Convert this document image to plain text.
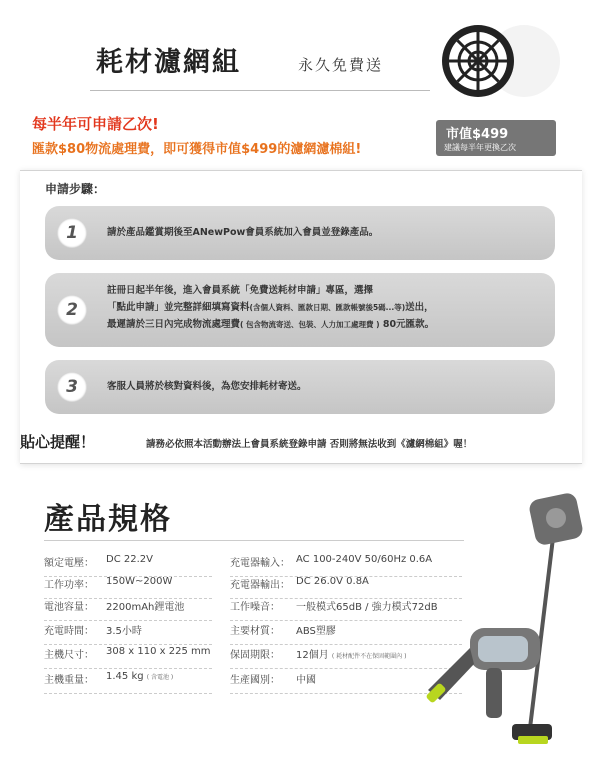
耗材濾網組	永久免費送
每半年可申請乙次!
匯款$80物流處理費，即可獲得市值$499的濾網濾棉組!
市值$499
建議每半年更換乙次
申請步驟：
1	請於產品鑑賞期後至ANewPow會員系統加入會員並登錄產品。
2
註冊日起半年後，進入會員系統「免費送耗材申請」專區，選擇
「點此申請」並完整詳細填寫資料(含個人資料、匯款日期、匯款帳號後5碼...等)送出，
最遲請於三日內完成物流處理費( 包含物流寄送、包裝、人力加工處理費 ) 80元匯款。
3	客服人員將於核對資料後，為您安排耗材寄送。
貼心提醒！	請務必依照本活動辦法上會員系統登錄申請 否則將無法收到《濾網棉組》喔！
產品規格
額定電壓： DC 22.2V
工作功率： 150W~200W
電池容量： 2200mAh鋰電池
充電時間： 3.5小時
主機尺寸： 308 x 110 x 225 mm
主機重量： 1.45 kg ( 含電池 )
充電器輸入： AC 100-240V 50/60Hz 0.6A
充電器輸出： DC 26.0V 0.8A
工作噪音： 一般模式65dB / 強力模式72dB
主要材質： ABS塑膠
保固期限： 12個月 ( 耗材配件不在保固範圍內 )
生產國別： 中國
